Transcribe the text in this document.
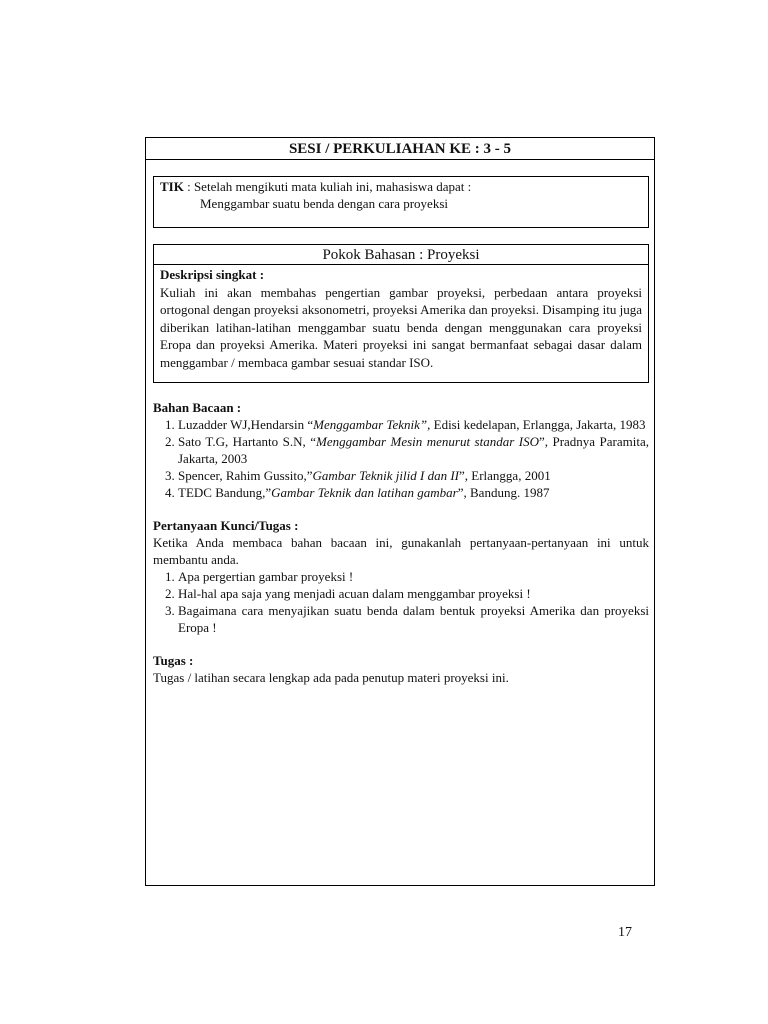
SESI / PERKULIAHAN KE : 3 - 5
TIK : Setelah mengikuti mata kuliah ini, mahasiswa dapat :
Menggambar suatu benda dengan cara proyeksi
Pokok Bahasan : Proyeksi
Deskripsi singkat :
Kuliah ini akan membahas pengertian gambar proyeksi, perbedaan antara proyeksi ortogonal dengan proyeksi aksonometri, proyeksi Amerika dan proyeksi. Disamping itu juga diberikan latihan-latihan menggambar suatu benda dengan menggunakan cara proyeksi Eropa dan proyeksi Amerika. Materi proyeksi ini sangat bermanfaat sebagai dasar dalam menggambar / membaca gambar sesuai standar ISO.

Bahan Bacaan :

1. Luzadder WJ,Hendarsin “Menggambar Teknik”, Edisi kedelapan, Erlangga, Jakarta, 1983
2. Sato T.G, Hartanto S.N, “Menggambar Mesin menurut standar ISO”, Pradnya Paramita, Jakarta, 2003
3. Spencer, Rahim Gussito,”Gambar Teknik jilid I dan II”, Erlangga, 2001
4. TEDC Bandung,”Gambar Teknik dan latihan gambar”, Bandung. 1987

Pertanyaan Kunci/Tugas :

Ketika Anda membaca bahan bacaan ini, gunakanlah pertanyaan-pertanyaan ini untuk membantu anda.
1. Apa pergertian gambar proyeksi !
2. Hal-hal apa saja yang menjadi acuan dalam menggambar proyeksi !
3. Bagaimana cara menyajikan suatu benda dalam bentuk proyeksi Amerika dan proyeksi Eropa !

Tugas :

Tugas / latihan secara lengkap ada pada penutup materi proyeksi ini.
17
